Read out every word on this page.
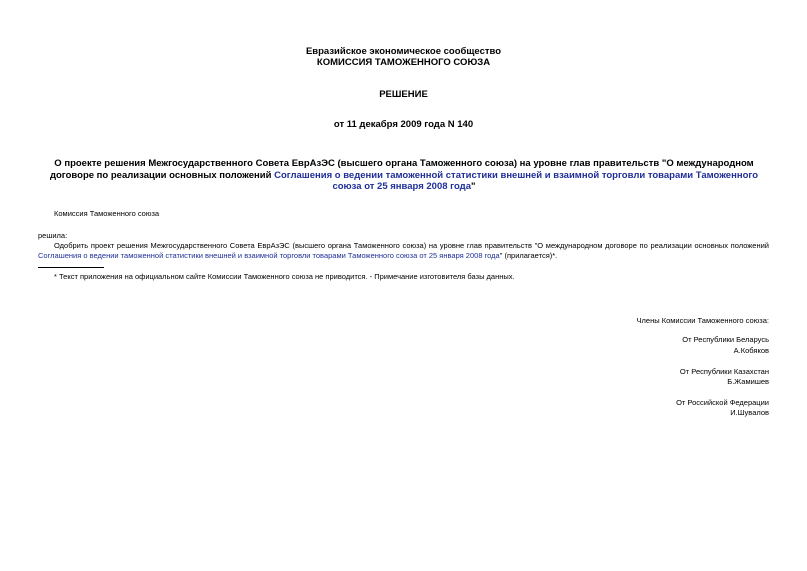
Евразийское экономическое сообщество
КОМИССИЯ ТАМОЖЕННОГО СОЮЗА
РЕШЕНИЕ
от 11 декабря 2009 года N 140
О проекте решения Межгосударственного Совета ЕврАзЭС (высшего органа Таможенного союза) на уровне глав правительств "О международном договоре по реализации основных положений Соглашения о ведении таможенной статистики внешней и взаимной торговли товарами Таможенного союза от 25 января 2008 года"
Комиссия Таможенного союза
решила:
Одобрить проект решения Межгосударственного Совета ЕврАзЭС (высшего органа Таможенного союза) на уровне глав правительств "О международном договоре по реализации основных положений Соглашения о ведении таможенной статистики внешней и взаимной торговли товарами Таможенного союза от 25 января 2008 года" (прилагается)*.
* Текст приложения на официальном сайте Комиссии Таможенного союза не приводится. - Примечание изготовителя базы данных.
Члены Комиссии Таможенного союза:
От Республики Беларусь
А.Кобяков
От Республики Казахстан
Б.Жамишев
От Российской Федерации
И.Шувалов
